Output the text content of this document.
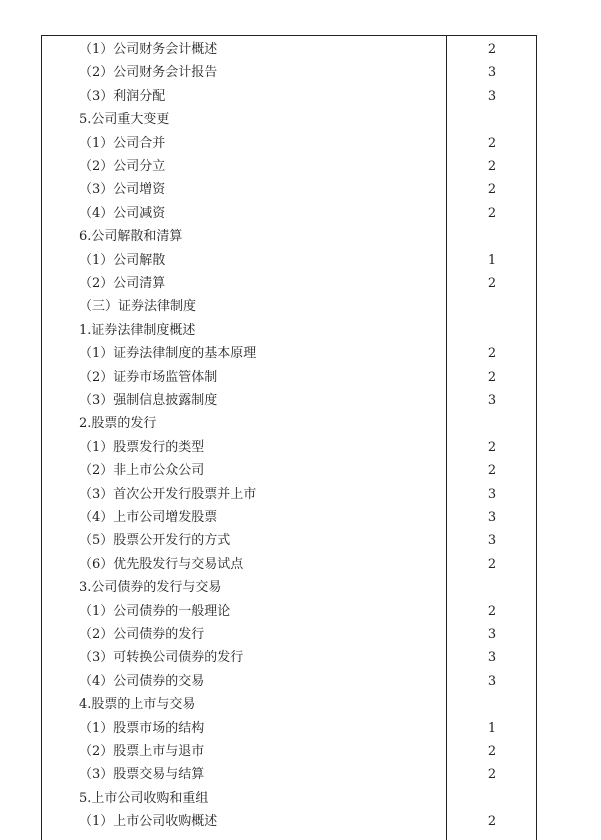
（1）公司财务会计概述	2
（2）公司财务会计报告	3
（3）利润分配	3
5.公司重大变更
（1）公司合并	2
（2）公司分立	2
（3）公司增资	2
（4）公司减资	2
6.公司解散和清算
（1）公司解散	1
（2）公司清算	2
（三）证券法律制度
1.证券法律制度概述
（1）证券法律制度的基本原理	2
（2）证券市场监管体制	2
（3）强制信息披露制度	3
2.股票的发行
（1）股票发行的类型	2
（2）非上市公众公司	2
（3）首次公开发行股票并上市	3
（4）上市公司增发股票	3
（5）股票公开发行的方式	3
（6）优先股发行与交易试点	2
3.公司债券的发行与交易
（1）公司债券的一般理论	2
（2）公司债券的发行	3
（3）可转换公司债券的发行	3
（4）公司债券的交易	3
4.股票的上市与交易
（1）股票市场的结构	1
（2）股票上市与退市	2
（3）股票交易与结算	2
5.上市公司收购和重组
（1）上市公司收购概述	2
